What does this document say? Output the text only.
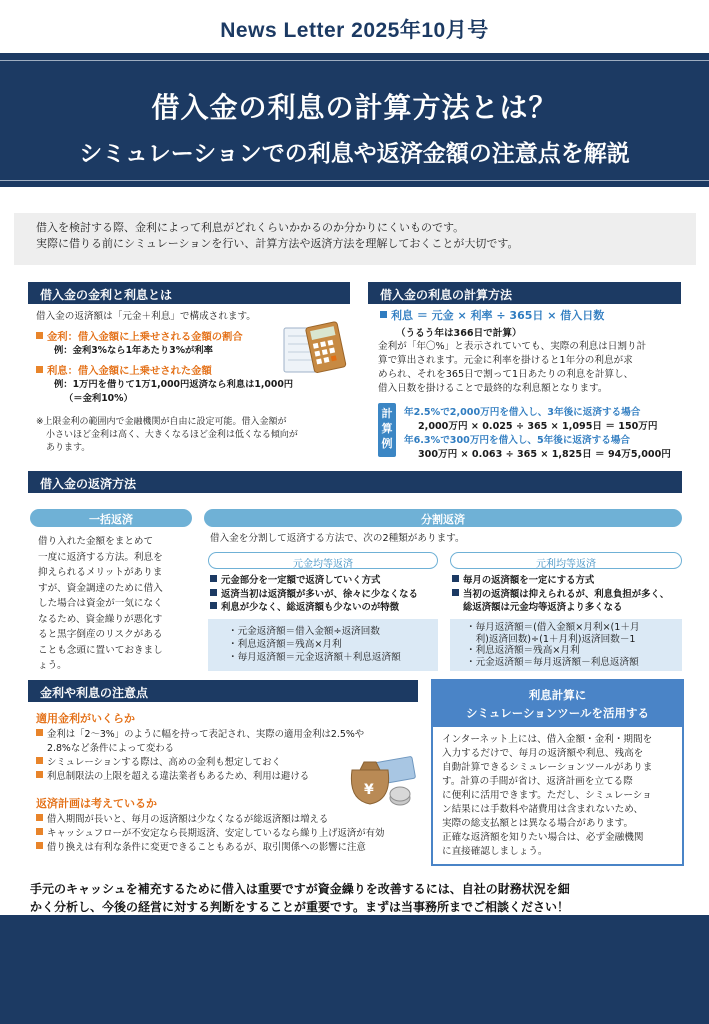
News Letter 2025年10月号
借入金の利息の計算方法とは？
シミュレーションでの利息や返済金額の注意点を解説
借入を検討する際、金利によって利息がどれくらいかかるのか分かりにくいものです。
実際に借りる前にシミュレーションを行い、計算方法や返済方法を理解しておくことが大切です。
借入金の金利と利息とは
借入金の返済額は「元金＋利息」で構成されます。
金利：借入金額に上乗せされる金額の割合
例：金利3%なら1年あたり3%が利率
利息：借入金額に上乗せされた金額
例：1万円を借りて1万1,000円返済なら利息は1,000円
（＝金利10%）
※上限金利の範囲内で金融機関が自由に設定可能。借入金額が
小さいほど金利は高く、大きくなるほど金利は低くなる傾向が
あります。
借入金の利息の計算方法
利息 ＝ 元金 × 利率 ÷ 365日 × 借入日数
（うるう年は366日で計算）
金利が「年〇%」と表示されていても、実際の利息は日割り計
算で算出されます。元金に利率を掛けると1年分の利息が求
められ、それを365日で割って1日あたりの利息を計算し、
借入日数を掛けることで最終的な利息額となります。
計算例
年2.5%で2,000万円を借入し、3年後に返済する場合
2,000万円 × 0.025 ÷ 365 × 1,095日 ＝ 150万円
年6.3%で300万円を借入し、5年後に返済する場合
300万円 × 0.063 ÷ 365 × 1,825日 ＝ 94万5,000円
借入金の返済方法
一括返済
借り入れた金額をまとめて
一度に返済する方法。利息を
抑えられるメリットがありま
すが、資金調達のために借入
した場合は資金が一気になく
なるため、資金繰りが悪化す
ると黒字倒産のリスクがある
ことも念頭に置いておきまし
ょう。
分割返済
借入金を分割して返済する方法で、次の2種類があります。
元金均等返済
元金部分を一定額で返済していく方式
返済当初は返済額が多いが、徐々に少なくなる
利息が少なく、総返済額も少ないのが特徴
・元金返済額＝借入金額÷返済回数
・利息返済額＝残高×月利
・毎月返済額＝元金返済額＋利息返済額
元利均等返済
毎月の返済額を一定にする方式
当初の返済額は抑えられるが、利息負担が多く、
総返済額は元金均等返済より多くなる
・毎月返済額＝(借入金額×月利×(1＋月
　利)返済回数)÷(1＋月利)返済回数－1
・利息返済額＝残高×月利
・元金返済額＝毎月返済額－利息返済額
金利や利息の注意点
適用金利がいくらか
金利は「2～3%」のように幅を持って表記され、実際の適用金利は2.5%や
2.8%など条件によって変わる
シミュレーションする際は、高めの金利も想定しておく
利息制限法の上限を超える違法業者もあるため、利用は避ける
返済計画は考えているか
借入期間が長いと、毎月の返済額は少なくなるが総返済額は増える
キャッシュフローが不安定なら長期返済、安定しているなら繰り上げ返済が有効
借り換えは有利な条件に変更できることもあるが、取引関係への影響に注意
¥
利息計算に
シミュレーションツールを活用する
インターネット上には、借入金額・金利・期間を
入力するだけで、毎月の返済額や利息、残高を
自動計算できるシミュレーションツールがありま
す。計算の手間が省け、返済計画を立てる際
に便利に活用できます。ただし、シミュレーショ
ン結果には手数料や諸費用は含まれないため、
実際の総支払額とは異なる場合があります。
正確な返済額を知りたい場合は、必ず金融機関
に直接確認しましょう。
手元のキャッシュを補充するために借入は重要ですが資金繰りを改善するには、自社の財務状況を細
かく分析し、今後の経営に対する判断をすることが重要です。まずは当事務所までご相談ください！
